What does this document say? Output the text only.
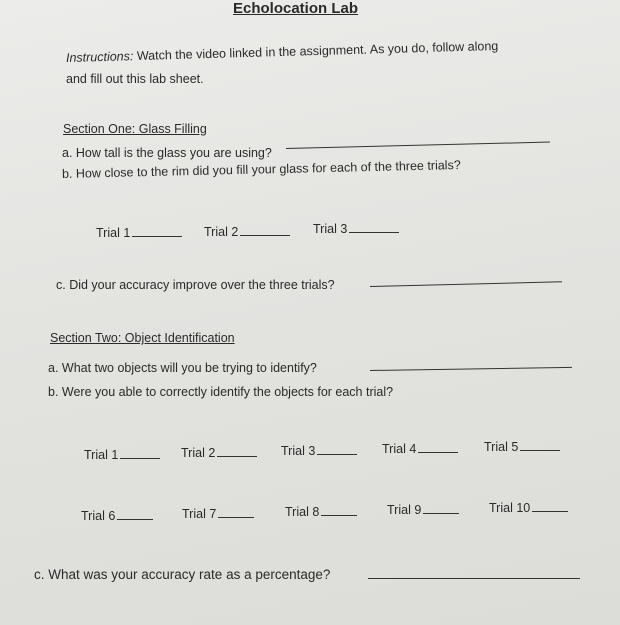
Echolocation Lab
Instructions: Watch the video linked in the assignment. As you do, follow along
and fill out this lab sheet.
Section One: Glass Filling
a. How tall is the glass you are using?
b. How close to the rim did you fill your glass for each of the three trials?
Trial 1	Trial 2	Trial 3
c. Did your accuracy improve over the three trials?
Section Two: Object Identification
a. What two objects will you be trying to identify?
b. Were you able to correctly identify the objects for each trial?
Trial 1	Trial 2	Trial 3	Trial 4	Trial 5
Trial 6	Trial 7	Trial 8	Trial 9	Trial 10
c. What was your accuracy rate as a percentage?
